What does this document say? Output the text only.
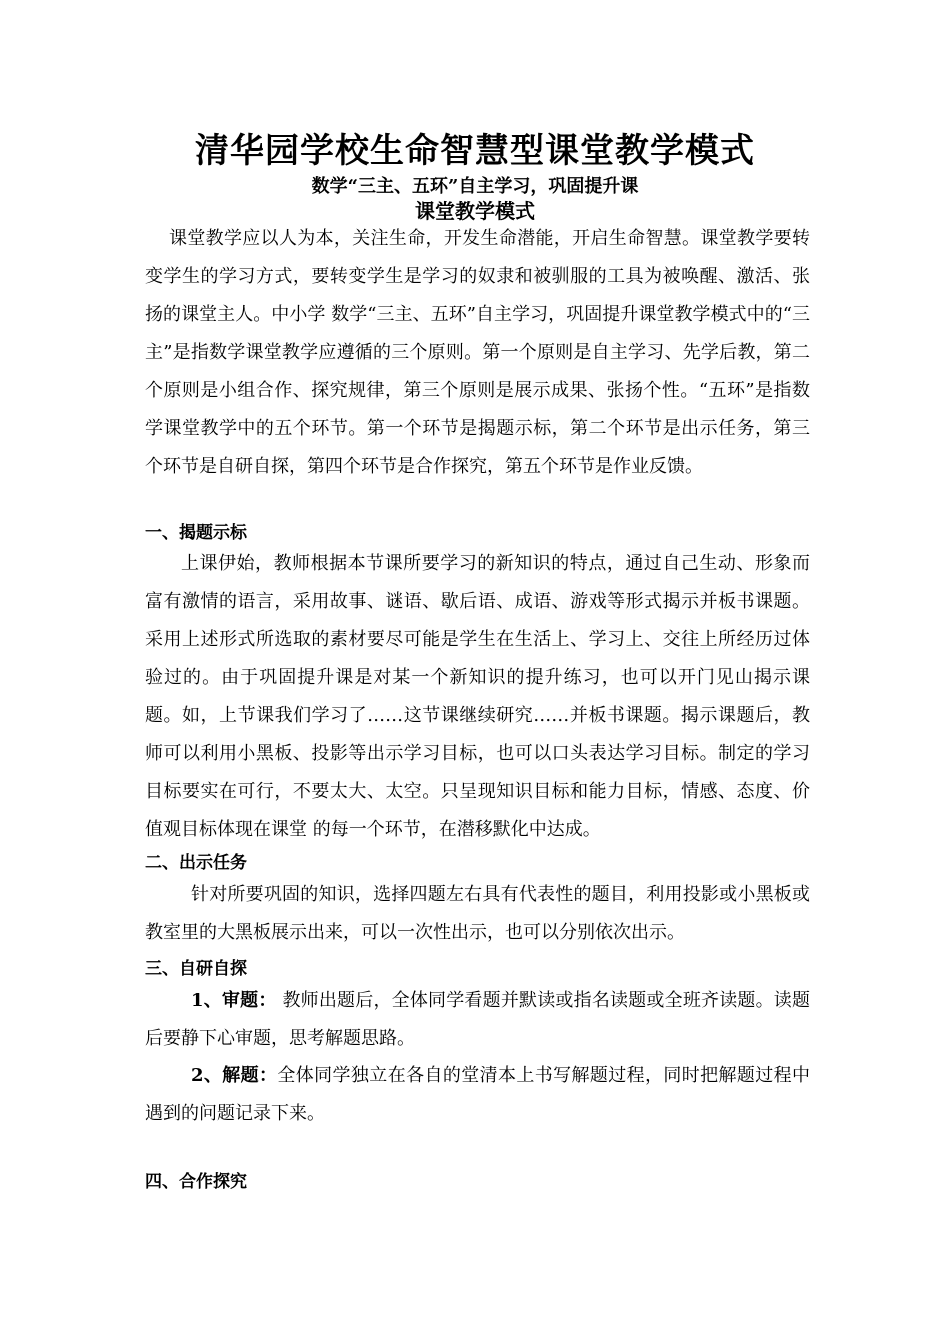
清华园学校生命智慧型课堂教学模式
数学“三主、五环”自主学习，巩固提升课
课堂教学模式

课堂教学应以人为本，关注生命，开发生命潜能，开启生命智慧。课堂教学要转变学生的学习方式，要转变学生是学习的奴隶和被驯服的工具为被唤醒、激活、张扬的课堂主人。中小学 数学“三主、五环”自主学习，巩固提升课堂教学模式中的“三主”是指数学课堂教学应遵循的三个原则。第一个原则是自主学习、先学后教，第二个原则是小组合作、探究规律，第三个原则是展示成果、张扬个性。“五环”是指数学课堂教学中的五个环节。第一个环节是揭题示标，第二个环节是出示任务，第三个环节是自研自探，第四个环节是合作探究，第五个环节是作业反馈。

一、揭题示标

上课伊始，教师根据本节课所要学习的新知识的特点，通过自己生动、形象而富有激情的语言，采用故事、谜语、歇后语、成语、游戏等形式揭示并板书课题。采用上述形式所选取的素材要尽可能是学生在生活上、学习上、交往上所经历过体验过的。由于巩固提升课是对某一个新知识的提升练习，也可以开门见山揭示课题。如，上节课我们学习了……这节课继续研究……并板书课题。揭示课题后，教师可以利用小黑板、投影等出示学习目标，也可以口头表达学习目标。制定的学习目标要实在可行，不要太大、太空。只呈现知识目标和能力目标，情感、态度、价值观目标体现在课堂 的每一个环节，在潜移默化中达成。

二、出示任务

针对所要巩固的知识，选择四题左右具有代表性的题目，利用投影或小黑板或教室里的大黑板展示出来，可以一次性出示，也可以分别依次出示。

三、自研自探

1、审题： 教师出题后，全体同学看题并默读或指名读题或全班齐读题。读题后要静下心审题，思考解题思路。

2、解题：全体同学独立在各自的堂清本上书写解题过程，同时把解题过程中遇到的问题记录下来。

四、合作探究
